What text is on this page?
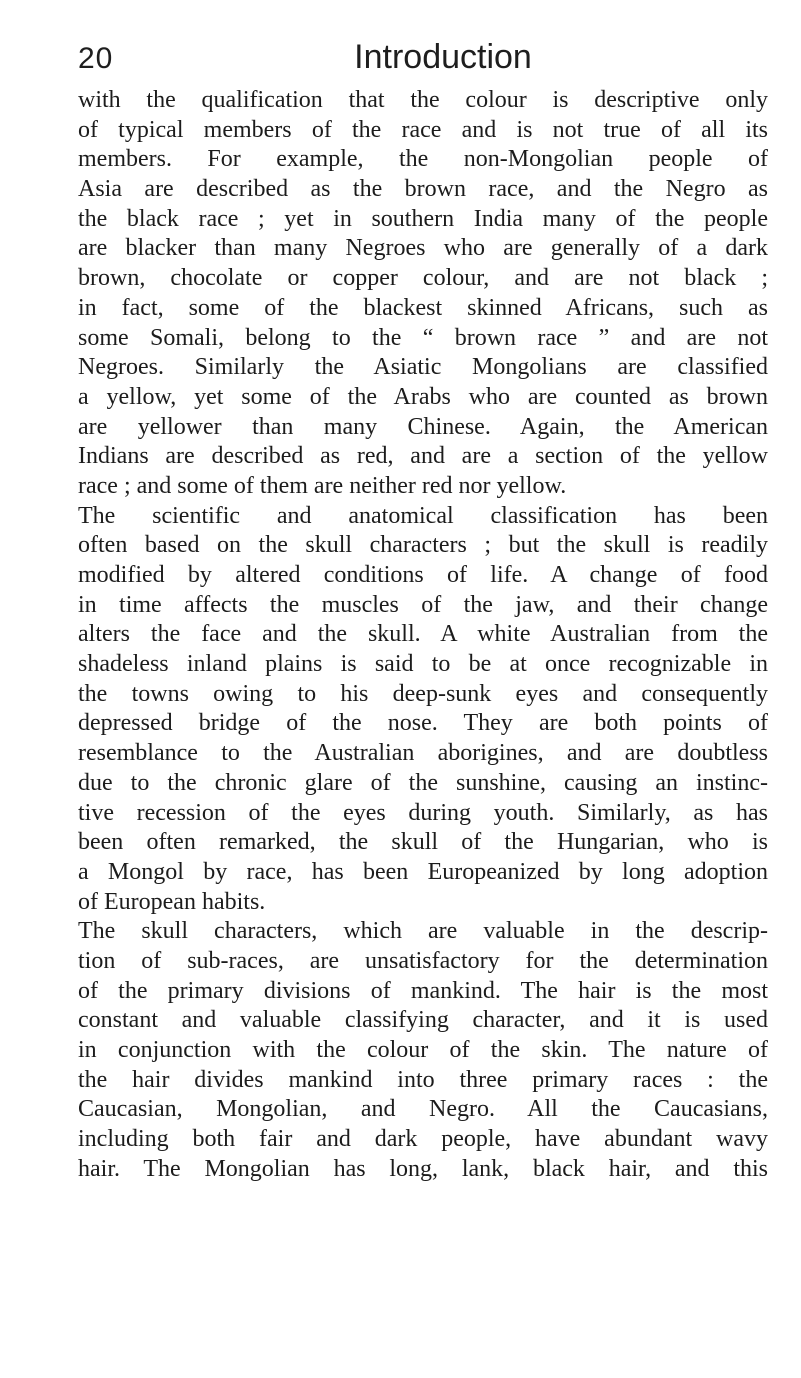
20	Introduction
with the qualification that the colour is descriptive only
of typical members of the race and is not true of all its
members. For example, the non-Mongolian people of
Asia are described as the brown race, and the Negro as
the black race ; yet in southern India many of the people
are blacker than many Negroes who are generally of a dark
brown, chocolate or copper colour, and are not black ;
in fact, some of the blackest skinned Africans, such as
some Somali, belong to the “ brown race ” and are not
Negroes. Similarly the Asiatic Mongolians are classified
a yellow, yet some of the Arabs who are counted as brown
are yellower than many Chinese. Again, the American
Indians are described as red, and are a section of the yellow
race ; and some of them are neither red nor yellow.
The scientific and anatomical classification has been
often based on the skull characters ; but the skull is readily
modified by altered conditions of life. A change of food
in time affects the muscles of the jaw, and their change
alters the face and the skull. A white Australian from the
shadeless inland plains is said to be at once recognizable in
the towns owing to his deep-sunk eyes and consequently
depressed bridge of the nose. They are both points of
resemblance to the Australian aborigines, and are doubtless
due to the chronic glare of the sunshine, causing an instinc-
tive recession of the eyes during youth. Similarly, as has
been often remarked, the skull of the Hungarian, who is
a Mongol by race, has been Europeanized by long adoption
of European habits.
The skull characters, which are valuable in the descrip-
tion of sub-races, are unsatisfactory for the determination
of the primary divisions of mankind. The hair is the most
constant and valuable classifying character, and it is used
in conjunction with the colour of the skin. The nature of
the hair divides mankind into three primary races : the
Caucasian, Mongolian, and Negro. All the Caucasians,
including both fair and dark people, have abundant wavy
hair. The Mongolian has long, lank, black hair, and this
